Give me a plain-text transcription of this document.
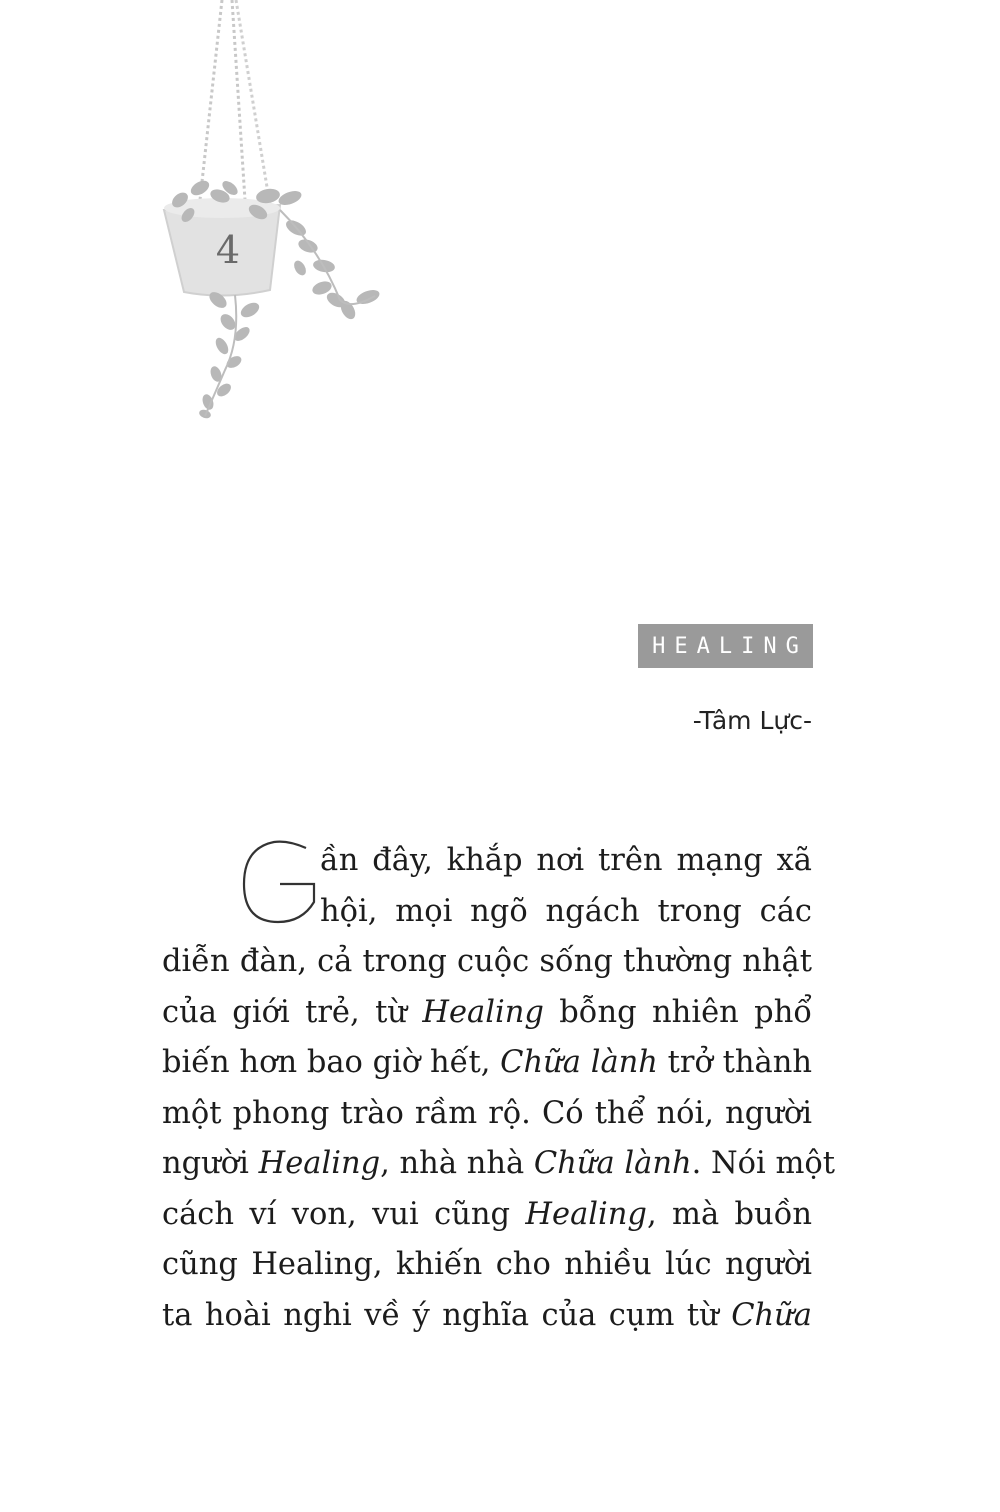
4
HEALING
-Tâm Lực-
ần đây, khắp nơi trên mạng xã
hội, mọi ngõ ngách trong các
diễn đàn, cả trong cuộc sống thường nhật
của giới trẻ, từ Healing bỗng nhiên phổ
biến hơn bao giờ hết, Chữa lành trở thành
một phong trào rầm rộ. Có thể nói, người
người Healing, nhà nhà Chữa lành. Nói một
cách ví von, vui cũng Healing, mà buồn
cũng Healing, khiến cho nhiều lúc người
ta hoài nghi về ý nghĩa của cụm từ Chữa
